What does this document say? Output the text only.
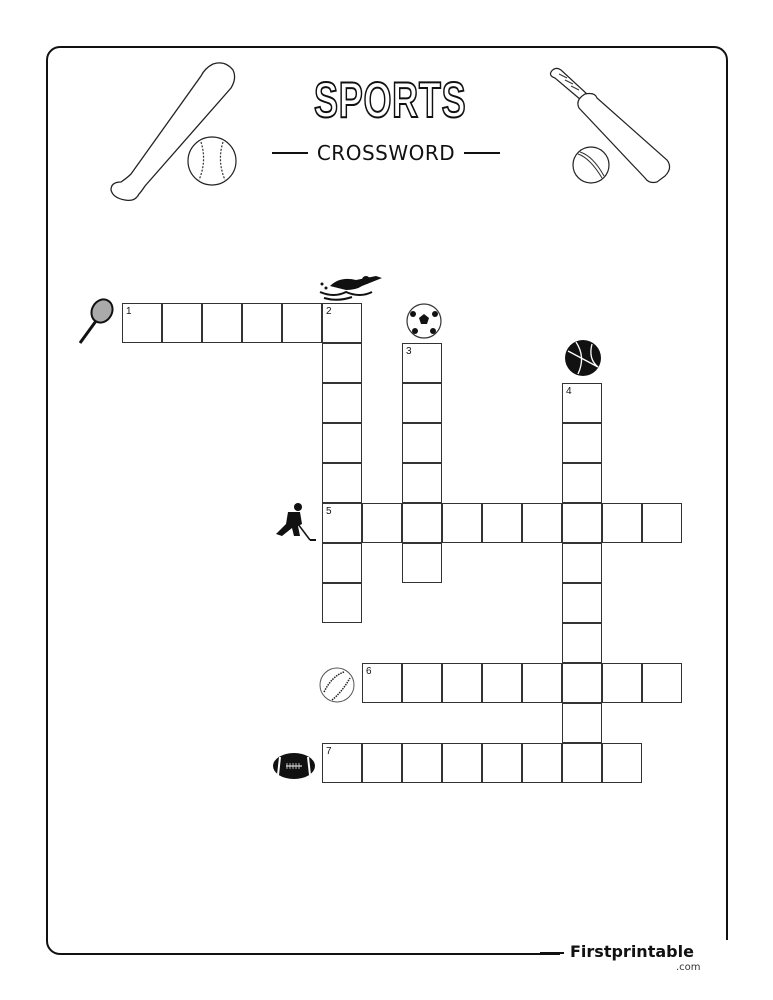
SPORTS
CROSSWORD
1	2
5
3
4
6
7
Firstprintable
.com
